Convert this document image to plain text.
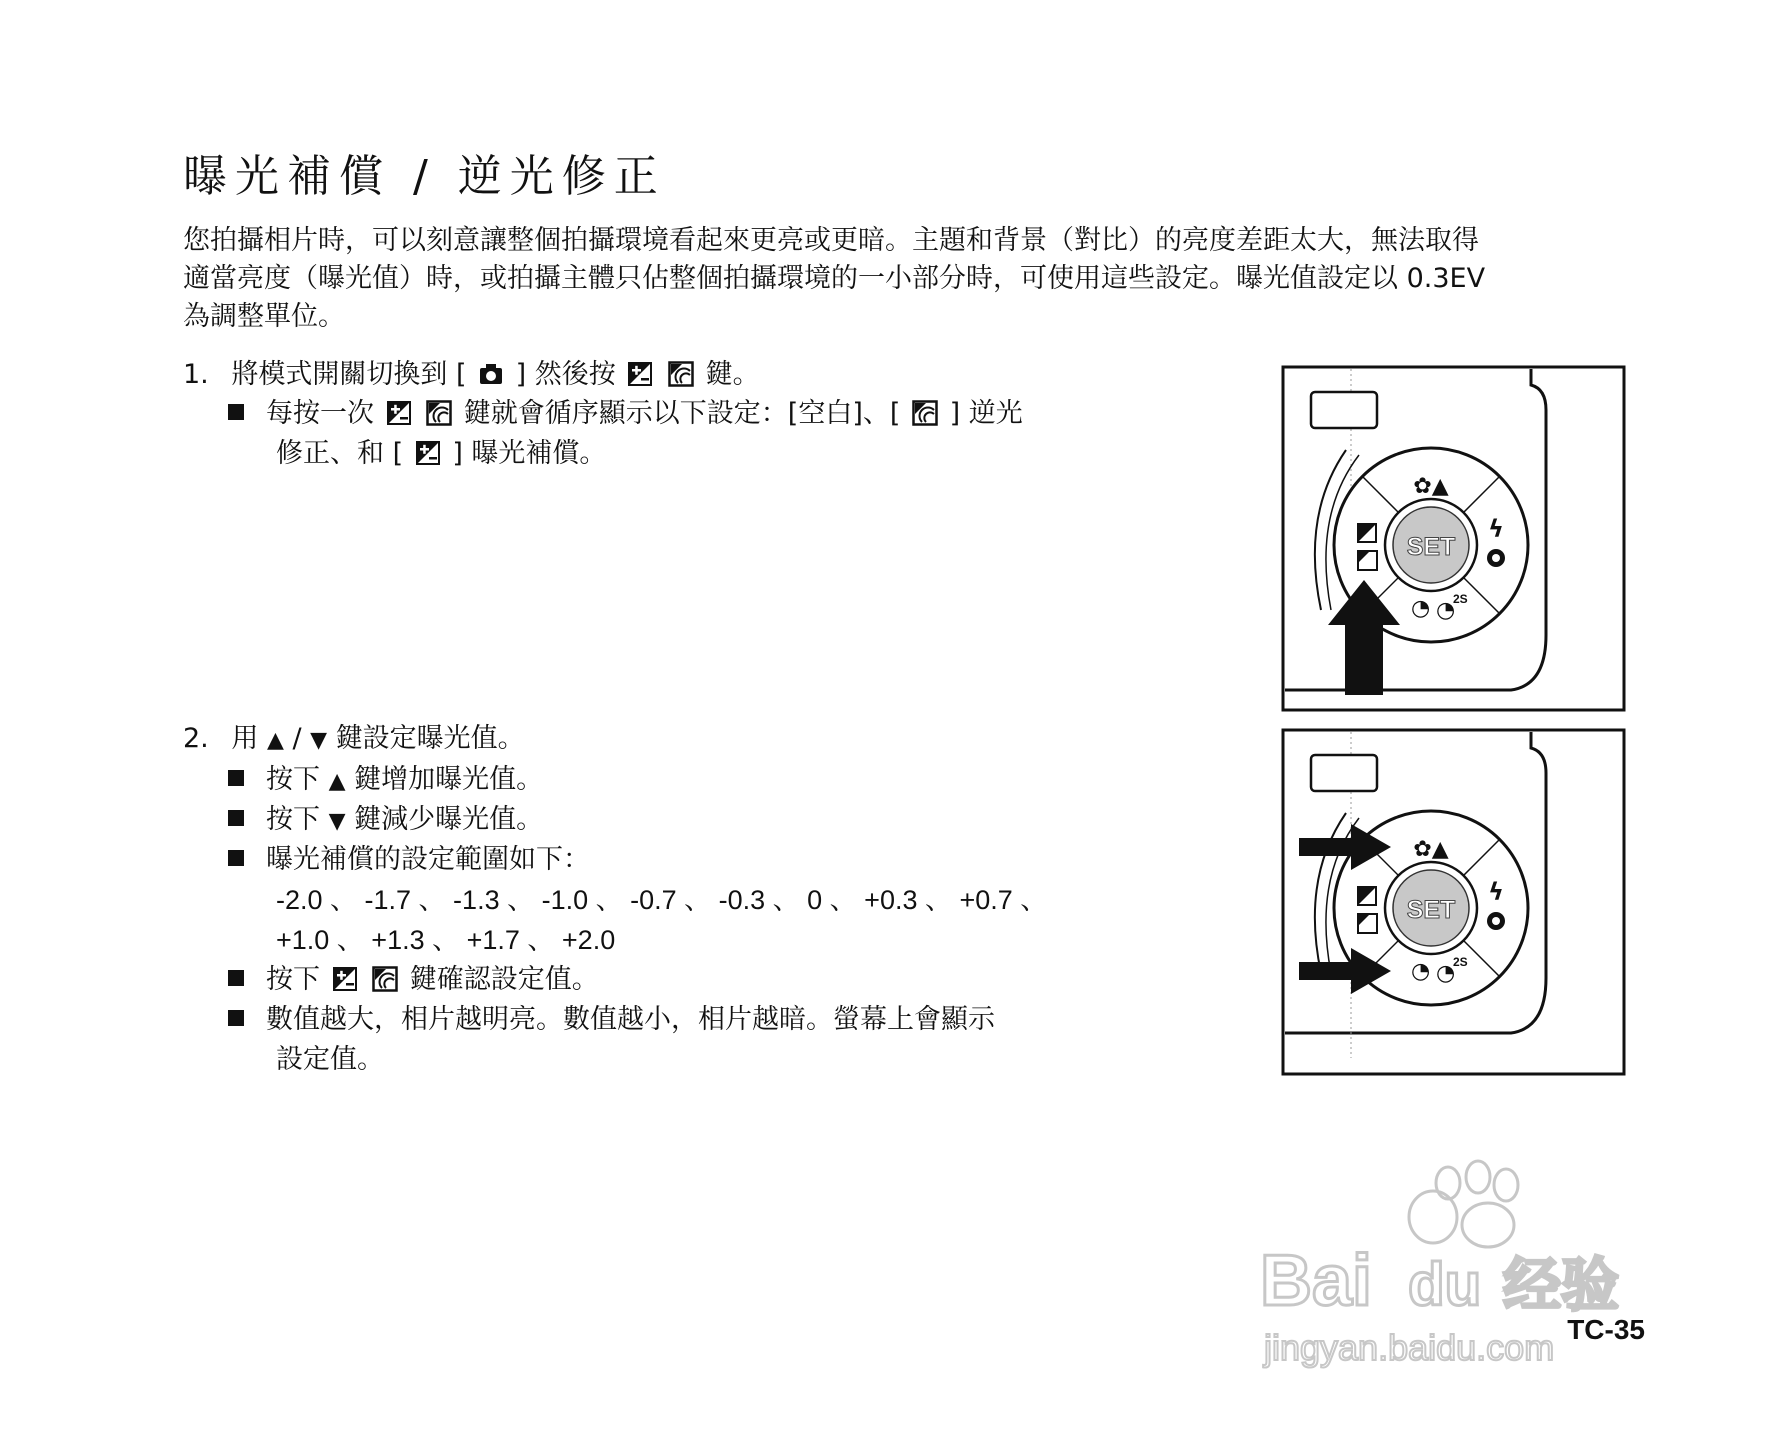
曝光補償 / 逆光修正

您拍攝相片時，可以刻意讓整個拍攝環境看起來更亮或更暗。主題和背景（對比）的亮度差距太大，無法取得

適當亮度（曝光值）時，或拍攝主體只佔整個拍攝環境的一小部分時，可使用這些設定。曝光值設定以 0.3EV

為調整單位。

1. 將模式開關切換到 [ ] 然後按
	鍵。
每按一次
	鍵就會循序顯示以下設定：[空白]、[ ] 逆光
修正、和 [ ] 曝光補償。
2. 用 ▲ / ▼ 鍵設定曝光值。
按下 ▲ 鍵增加曝光值。
按下 ▼ 鍵減少曝光值。
曝光補償的設定範圍如下：
-2.0 、 -1.7 、 -1.3 、 -1.0 、 -0.7 、 -0.3 、 0 、 +0.3 、 +0.7 、
+1.0 、 +1.3 、 +1.7 、 +2.0
按下
	鍵確認設定值。
數值越大，相片越明亮。數值越小，相片越暗。螢幕上會顯示
設定值。
SET
✿▲
ϟ
◔ ◔
2S
SET
✿▲
ϟ
◔ ◔
2S
Bai du 经验
jingyan.baidu.com TC-35
